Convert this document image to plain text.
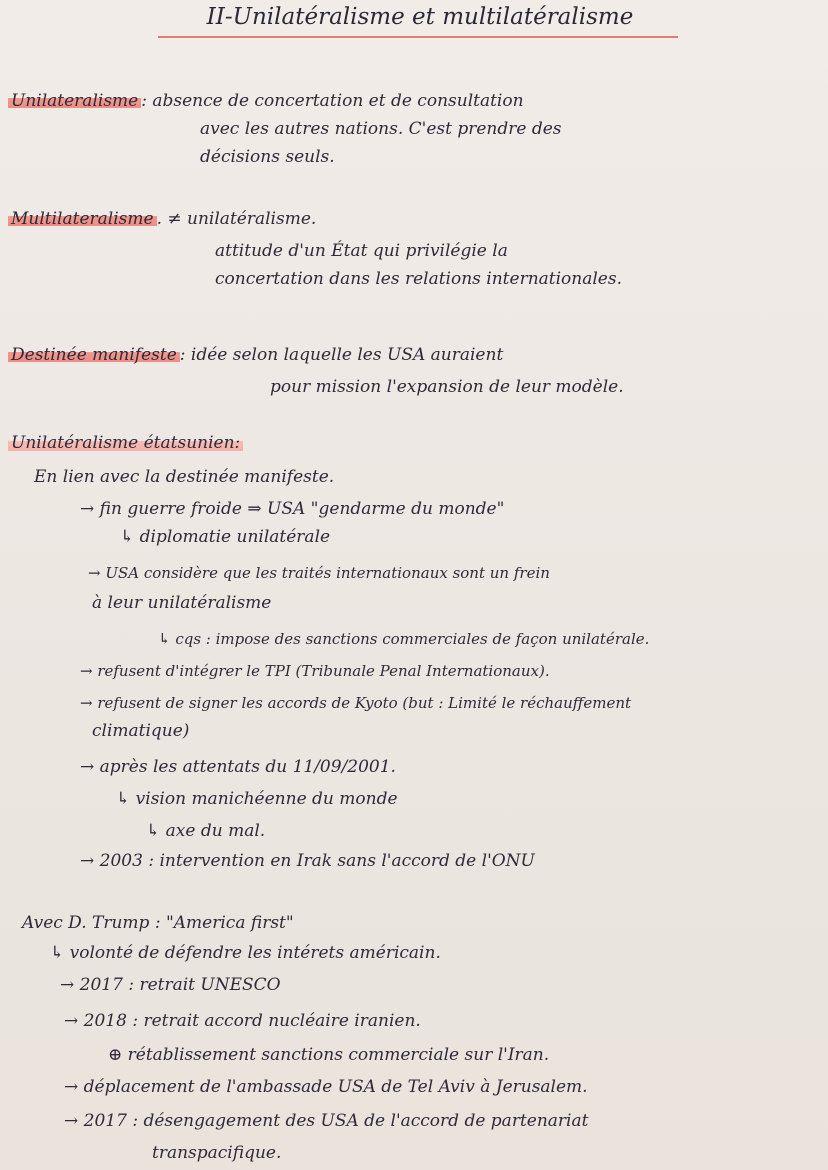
II-Unilatéralisme et multilatéralisme
Unilateralisme : absence de concertation et de consultation
avec les autres nations. C'est prendre des
décisions seuls.
Multilateralisme . ≠ unilatéralisme.
attitude d'un État qui privilégie la
concertation dans les relations internationales.
Destinée manifeste : idée selon laquelle les USA auraient
pour mission l'expansion de leur modèle.
Unilatéralisme étatsunien:
En lien avec la destinée manifeste.
→ fin guerre froide ⇒ USA "gendarme du monde"
↳ diplomatie unilatérale
→ USA considère que les traités internationaux sont un frein
à leur unilatéralisme
↳ cqs : impose des sanctions commerciales de façon unilatérale.
→ refusent d'intégrer le TPI (Tribunale Penal Internationaux).
→ refusent de signer les accords de Kyoto (but : Limité le réchauffement
climatique)
→ après les attentats du 11/09/2001.
↳ vision manichéenne du monde
↳ axe du mal.
→ 2003 : intervention en Irak sans l'accord de l'ONU
Avec D. Trump : "America first"
↳ volonté de défendre les intérets américain.
→ 2017 : retrait UNESCO
→ 2018 : retrait accord nucléaire iranien.
⊕ rétablissement sanctions commerciale sur l'Iran.
→ déplacement de l'ambassade USA de Tel Aviv à Jerusalem.
→ 2017 : désengagement des USA de l'accord de partenariat
transpacifique.
